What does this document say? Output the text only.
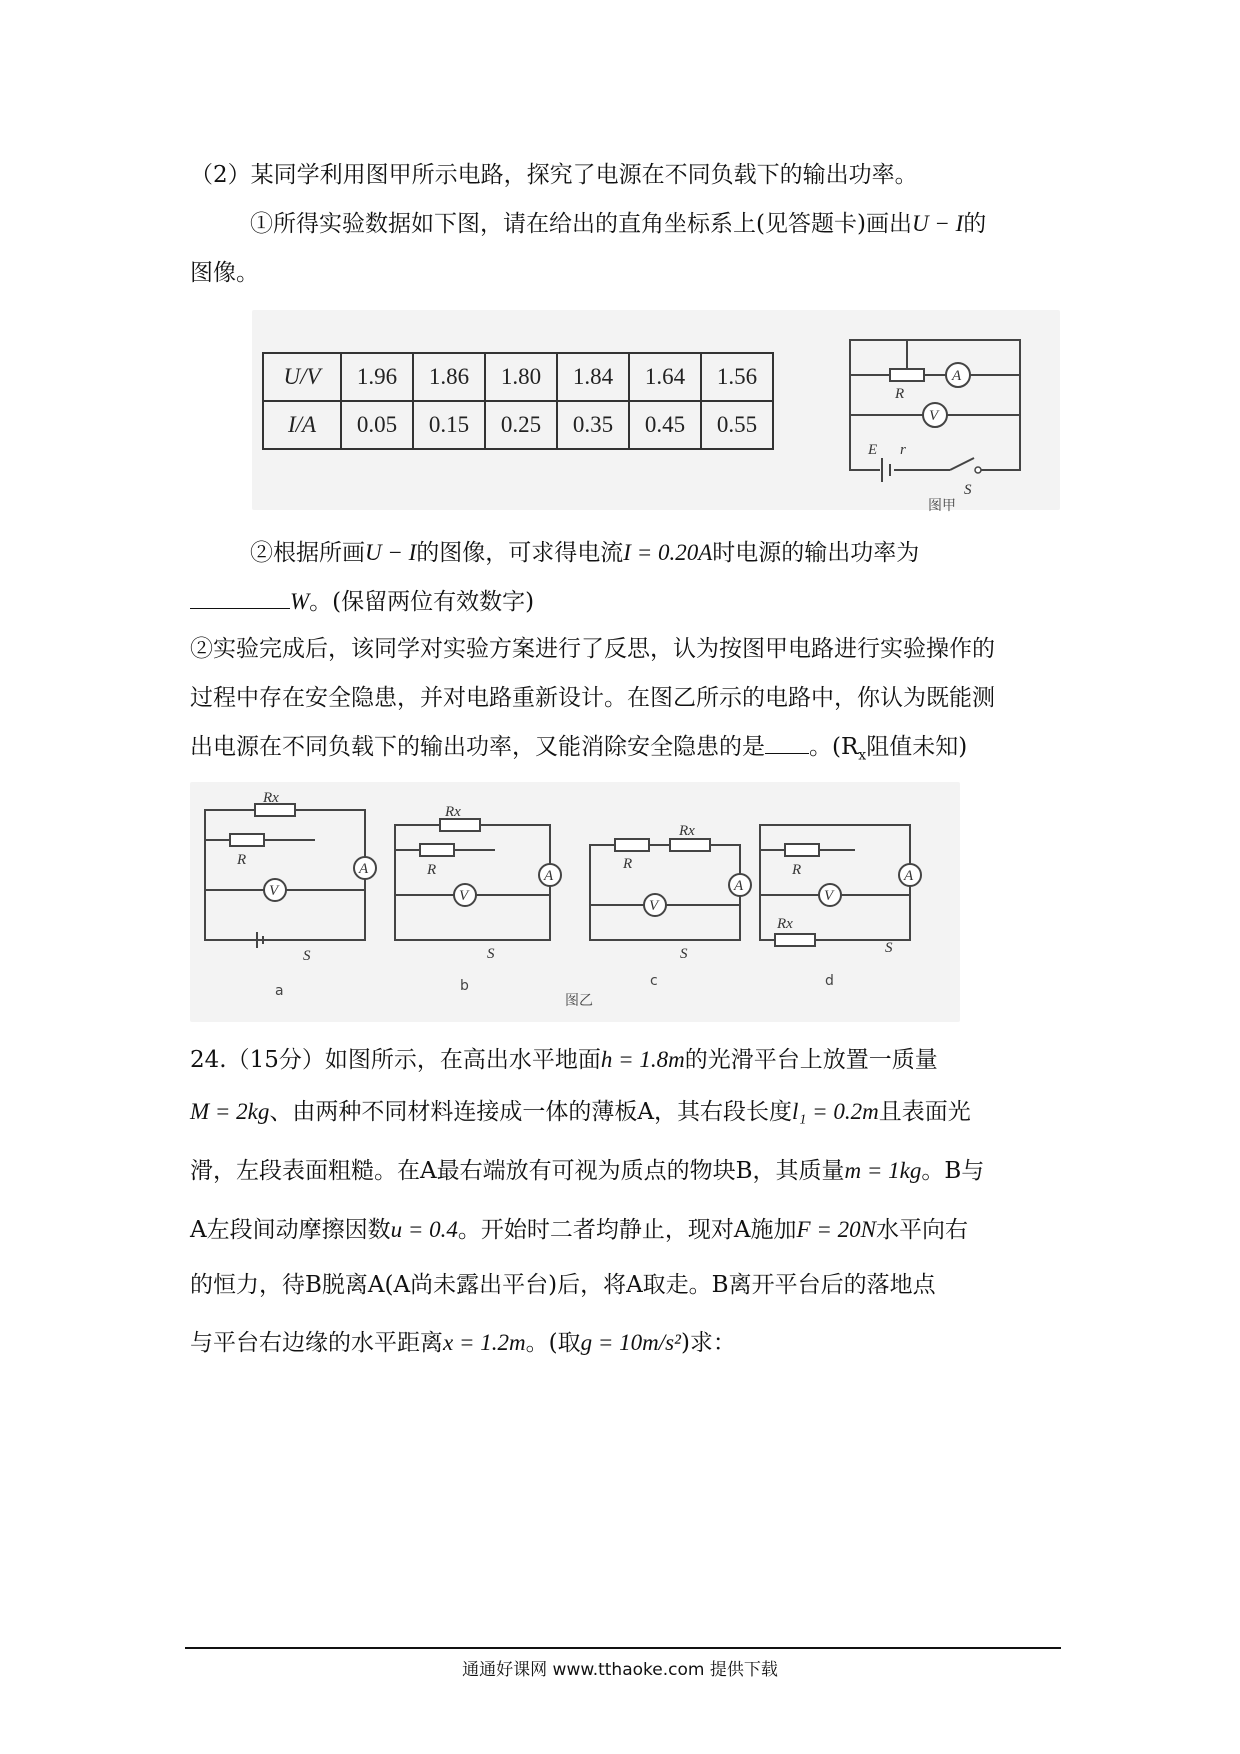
（2）某同学利用图甲所示电路，探究了电源在不同负载下的输出功率。
①所得实验数据如下图，请在给出的直角坐标系上(见答题卡)画出U − I的
图像。
U/V	1.96	1.86	1.80	1.84	1.64	1.56
I/A	0.05	0.15	0.25	0.35	0.45	0.55
R
A
V
E r
S
图甲
②根据所画U − I的图像，可求得电流I = 0.20A时电源的输出功率为
W。(保留两位有效数字)
②实验完成后，该同学对实验方案进行了反思，认为按图甲电路进行实验操作的
过程中存在安全隐患，并对电路重新设计。在图乙所示的电路中，你认为既能测
出电源在不同负载下的输出功率，又能消除安全隐患的是 。($R_x$阻值未知)
Rx
R
A
V
S
a
Rx
R	A
V
S
b
R
Rx
A
V
S
c
R	A
V
Rx
S
d
图乙
24.（15分）如图所示，在高出水平地面h = 1.8m的光滑平台上放置一质量
M = 2kg、由两种不同材料连接成一体的薄板A，其右段长度l₁ = 0.2m且表面光
滑，左段表面粗糙。在A最右端放有可视为质点的物块B，其质量m = 1kg。B与
A左段间动摩擦因数u = 0.4。开始时二者均静止，现对A施加F = 20N水平向右
的恒力，待B脱离A(A尚未露出平台)后，将A取走。B离开平台后的落地点
与平台右边缘的水平距离x = 1.2m。(取g = 10m/s²)求：
通通好课网 www.tthaoke.com 提供下载
